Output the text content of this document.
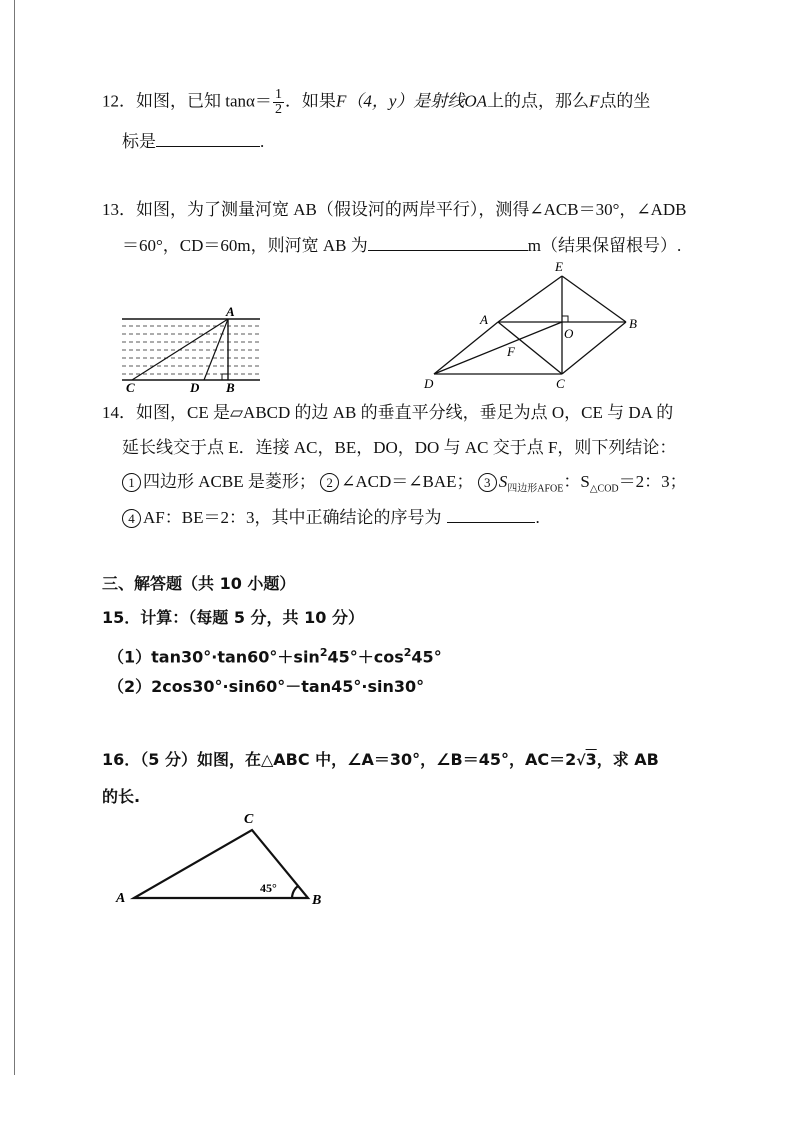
12．如图，已知 $\tan\alpha= \frac{1}{2}$ ．如果F（4，y）是射线OA上的点，那么F点的坐
标是	.
13．如图，为了测量河宽 AB（假设河的两岸平行），测得∠ACB＝30°，∠ADB
＝60°，CD＝60m，则河宽 AB 为	m（结果保留根号）.
A
C	D B
E
A
O
B
F
D	C
14．如图，CE 是▱ABCD 的边 AB 的垂直平分线，垂足为点 O，CE 与 DA 的
延长线交于点 E．连接 AC，BE，DO，DO 与 AC 交于点 F，则下列结论：
1 四边形 ACBE 是菱形； 2 ∠ACD＝∠BAE； 3 $S_{四边形AFOE}$：$S_{\triangle COD}=2$：3；
4 AF：BE＝2：3，其中正确结论的序号为	.
三、解答题（共 10 小题）
15．计算：（每题 5 分，共 10 分）
$(1)\tan 30^\circ\cdot\tan 60^\circ+\sin^245^\circ+\cos^245^\circ$
（2）2cos30°·sin60°－tan45°·sin30°
16．（5 分）如图，在△ABC 中，∠A＝30°，∠B＝45°，AC＝2√3，求 AB
的长.
C
A	B
45°
